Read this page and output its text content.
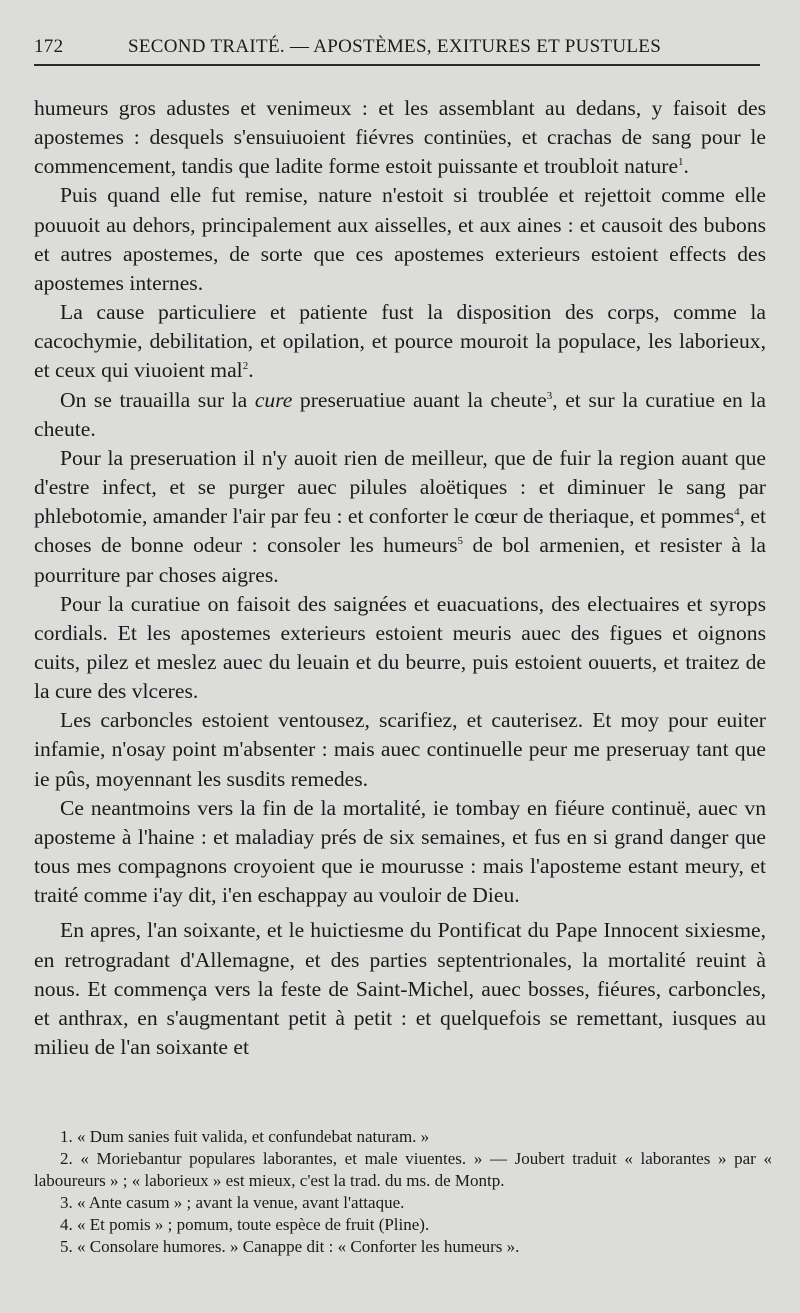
172	SECOND TRAITÉ. — APOSTÈMES, EXITURES ET PUSTULES

humeurs gros adustes et venimeux : et les assemblant au dedans, y faisoit des apostemes : desquels s'ensuiuoient fiévres continües, et crachas de sang pour le commencement, tandis que ladite forme estoit puissante et troubloit nature$^1$.

Puis quand elle fut remise, nature n'estoit si troublée et rejettoit comme elle pouuoit au dehors, principalement aux aisselles, et aux aines : et causoit des bubons et autres apostemes, de sorte que ces apostemes exterieurs estoient effects des apostemes internes.

La cause particuliere et patiente fust la disposition des corps, comme la cacochymie, debilitation, et opilation, et pource mouroit la populace, les laborieux, et ceux qui viuoient mal$^2$.

On se trauailla sur la cure preseruatiue auant la cheute$^3$, et sur la curatiue en la cheute.

Pour la preseruation il n'y auoit rien de meilleur, que de fuir la region auant que d'estre infect, et se purger auec pilules aloëtiques : et diminuer le sang par phlebotomie, amander l'air par feu : et conforter le cœur de theriaque, et pommes$^4$, et choses de bonne odeur : consoler les humeurs$^5$ de bol armenien, et resister à la pourriture par choses aigres.

Pour la curatiue on faisoit des saignées et euacuations, des electuaires et syrops cordials. Et les apostemes exterieurs estoient meuris auec des figues et oignons cuits, pilez et meslez auec du leuain et du beurre, puis estoient ouuerts, et traitez de la cure des vlceres.

Les carboncles estoient ventousez, scarifiez, et cauterisez. Et moy pour euiter infamie, n'osay point m'absenter : mais auec continuelle peur me preseruay tant que ie pûs, moyennant les susdits remedes.

Ce neantmoins vers la fin de la mortalité, ie tombay en fiéure continuë, auec vn aposteme à l'haine : et maladiay prés de six semaines, et fus en si grand danger que tous mes compagnons croyoient que ie mourusse : mais l'aposteme estant meury, et traité comme i'ay dit, i'en eschappay au vouloir de Dieu.

En apres, l'an soixante, et le huictiesme du Pontificat du Pape Innocent sixiesme, en retrogradant d'Allemagne, et des parties septentrionales, la mortalité reuint à nous. Et commença vers la feste de Saint-Michel, auec bosses, fiéures, carboncles, et anthrax, en s'augmentant petit à petit : et quelquefois se remettant, iusques au milieu de l'an soixante et

1. « Dum sanies fuit valida, et confundebat naturam. »
2. « Moriebantur populares laborantes, et male viuentes. » — Joubert traduit « laborantes » par « laboureurs » ; « laborieux » est mieux, c'est la trad. du ms. de Montp.
3. « Ante casum » ; avant la venue, avant l'attaque.
4. « Et pomis » ; pomum, toute espèce de fruit (Pline).
5. « Consolare humores. » Canappe dit : « Conforter les humeurs ».
